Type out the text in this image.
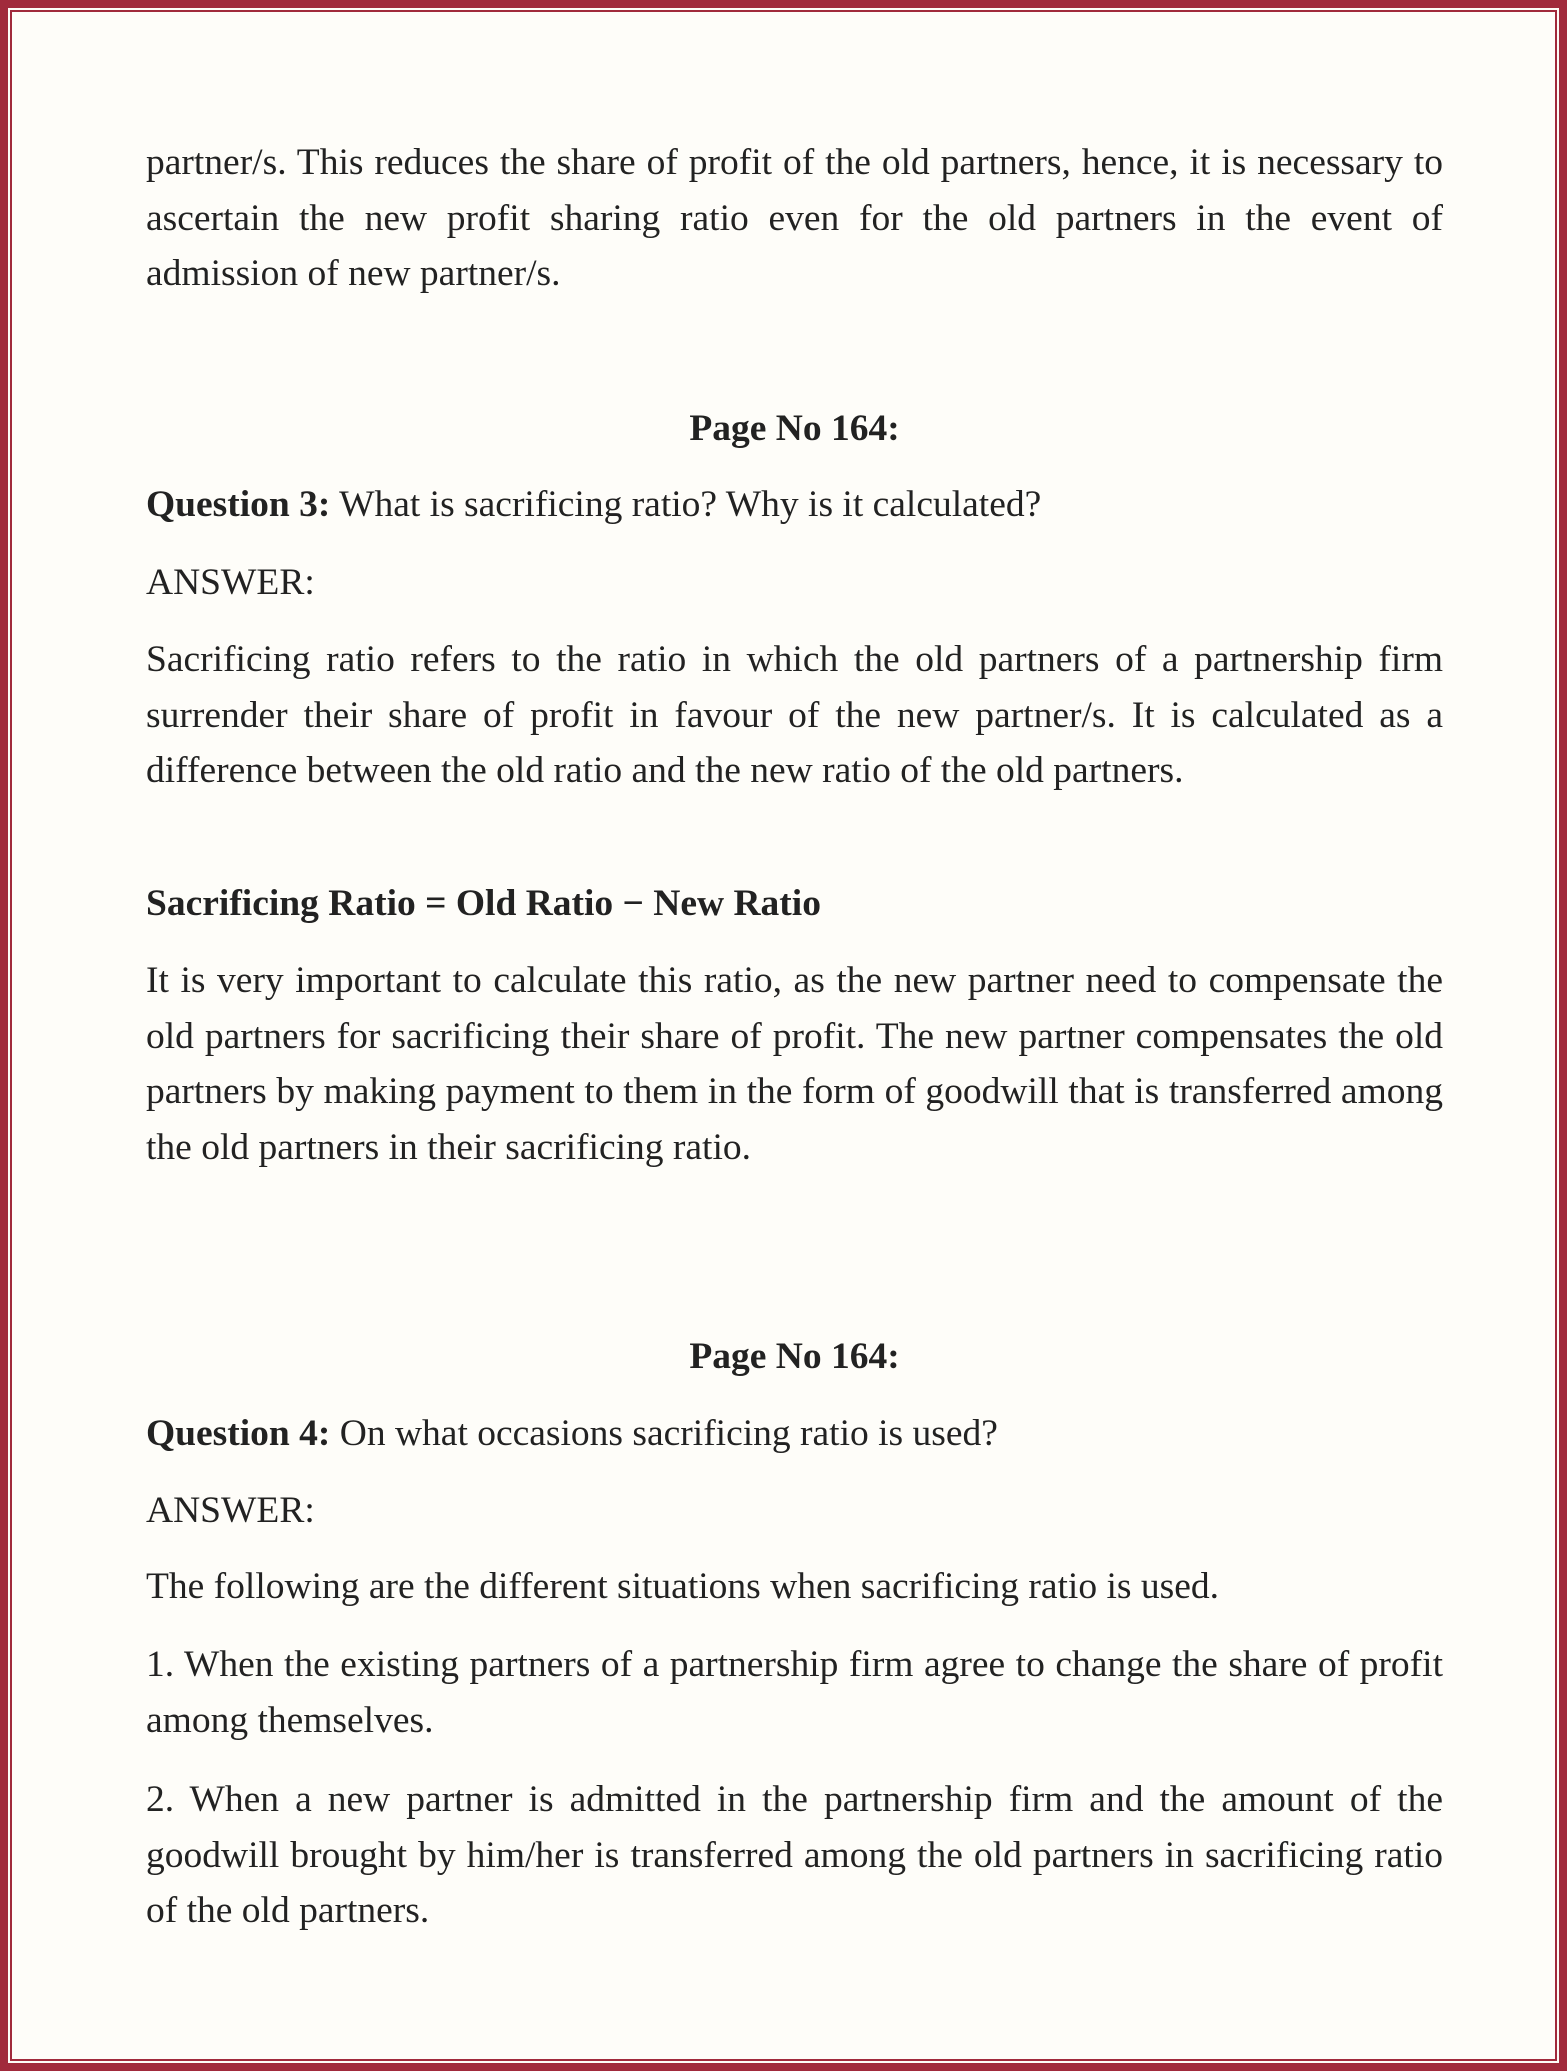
partner/s. This reduces the share of profit of the old partners, hence, it is necessary to ascertain the new profit sharing ratio even for the old partners in the event of admission of new partner/s.
Page No 164:
Question 3: What is sacrificing ratio? Why is it calculated?
ANSWER:
Sacrificing ratio refers to the ratio in which the old partners of a partnership firm surrender their share of profit in favour of the new partner/s. It is calculated as a difference between the old ratio and the new ratio of the old partners.
Sacrificing Ratio = Old Ratio − New Ratio
It is very important to calculate this ratio, as the new partner need to compensate the old partners for sacrificing their share of profit. The new partner compensates the old partners by making payment to them in the form of goodwill that is transferred among the old partners in their sacrificing ratio.
Page No 164:
Question 4: On what occasions sacrificing ratio is used?
ANSWER:
The following are the different situations when sacrificing ratio is used.
1. When the existing partners of a partnership firm agree to change the share of profit among themselves.
2. When a new partner is admitted in the partnership firm and the amount of the goodwill brought by him/her is transferred among the old partners in sacrificing ratio of the old partners.
